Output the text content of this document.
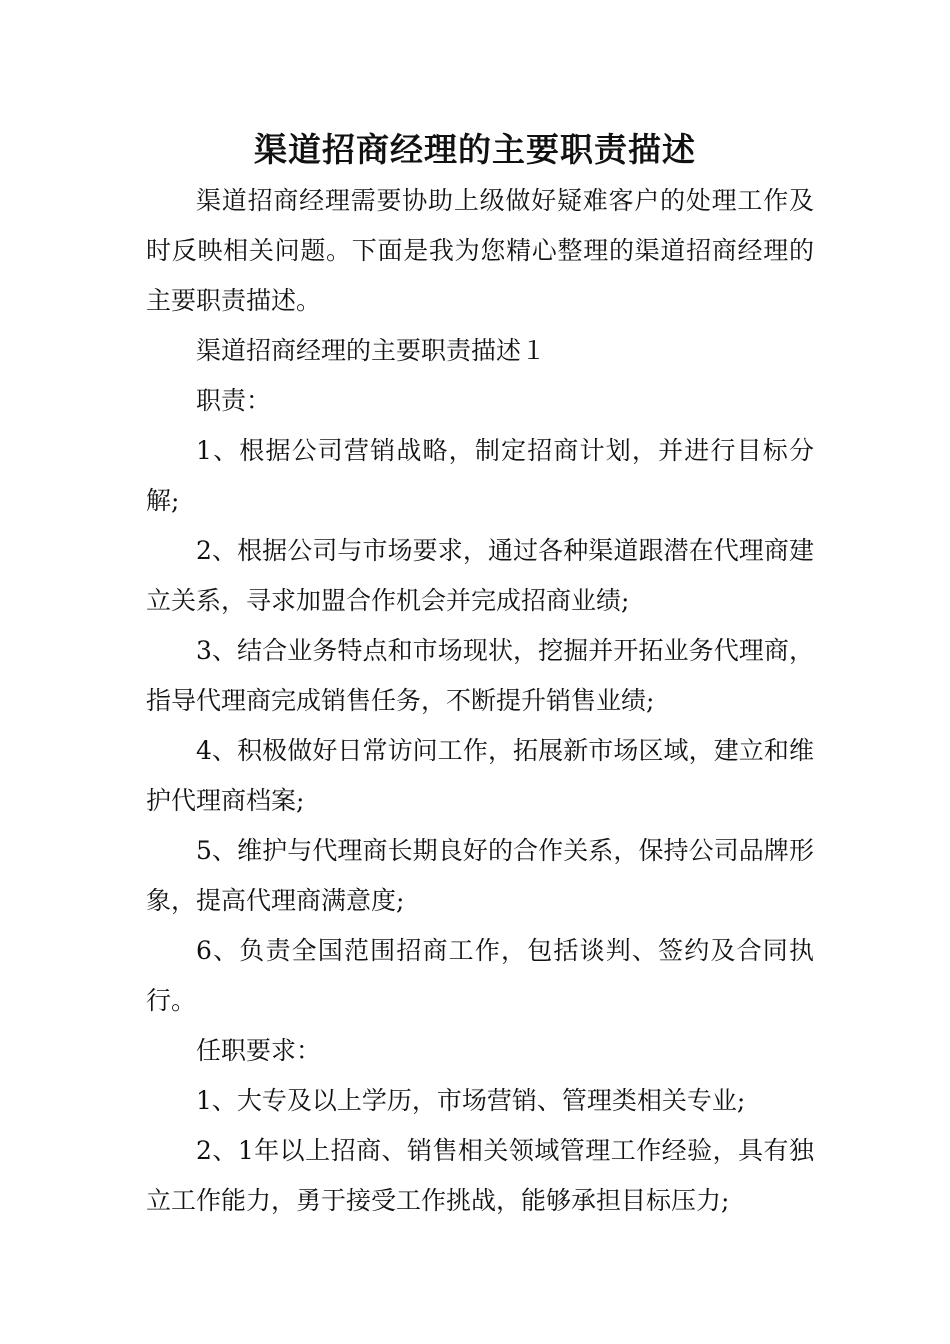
渠道招商经理的主要职责描述

渠道招商经理需要协助上级做好疑难客户的处理工作及时反映相关问题。下面是我为您精心整理的渠道招商经理的主要职责描述。

渠道招商经理的主要职责描述１

职责：

1、根据公司营销战略，制定招商计划，并进行目标分解;

2、根据公司与市场要求，通过各种渠道跟潜在代理商建立关系，寻求加盟合作机会并完成招商业绩;

3、结合业务特点和市场现状，挖掘并开拓业务代理商，指导代理商完成销售任务，不断提升销售业绩;

4、积极做好日常访问工作，拓展新市场区域，建立和维护代理商档案;

5、维护与代理商长期良好的合作关系，保持公司品牌形象，提高代理商满意度;

6、负责全国范围招商工作，包括谈判、签约及合同执行。

任职要求：

1、大专及以上学历，市场营销、管理类相关专业;

2、1年以上招商、销售相关领域管理工作经验，具有独立工作能力，勇于接受工作挑战，能够承担目标压力;
